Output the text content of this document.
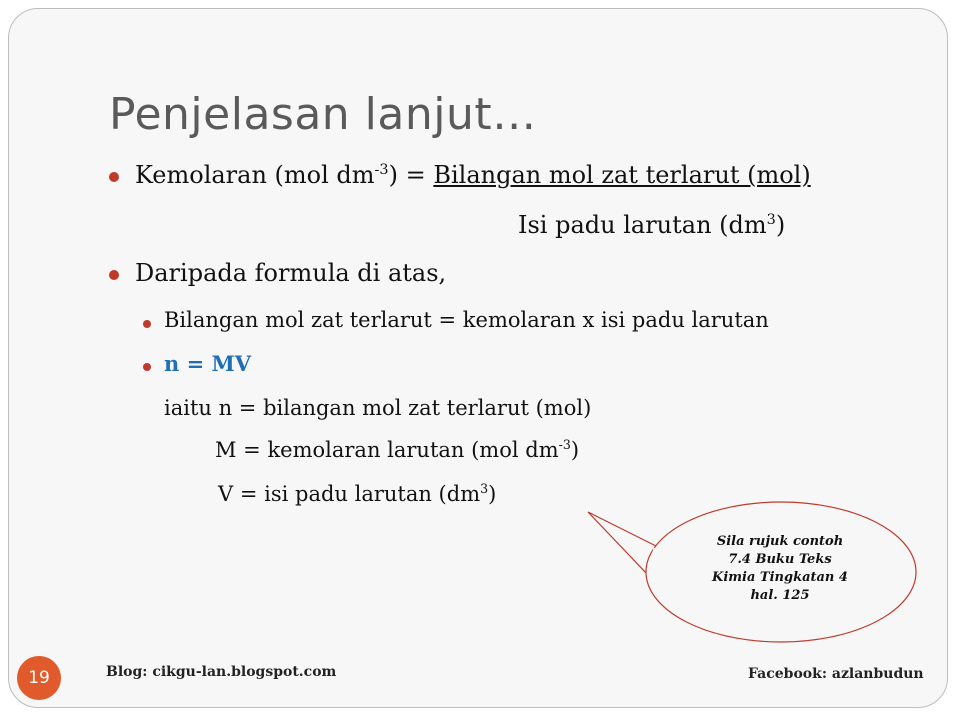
Penjelasan lanjut…
Kemolaran (mol $dm^{-3}$) = Bilangan mol zat terlarut (mol)
Isi padu larutan $(dm^3)$
Daripada formula di atas,
Bilangan mol zat terlarut = kemolaran x isi padu larutan
n = MV
iaitu n = bilangan mol zat terlarut (mol)
M = kemolaran larutan (mol $dm^{-3}$)
V = isi padu larutan $(dm^3)$
Sila rujuk contoh
7.4 Buku Teks
Kimia Tingkatan 4
hal. 125
19	Blog: cikgu-lan.blogspot.com	Facebook: azlanbudun
